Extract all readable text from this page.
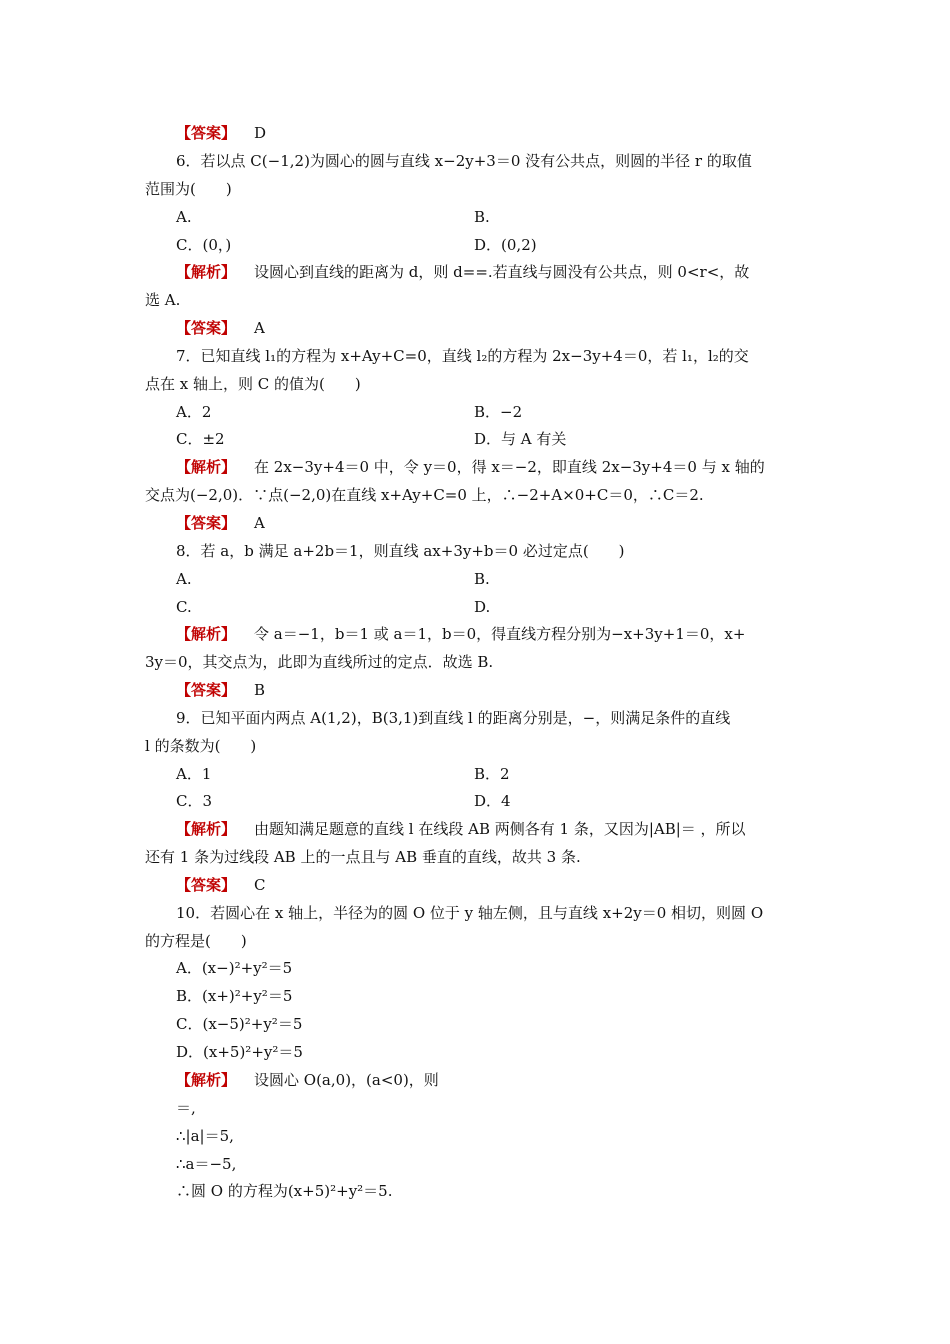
【答案】 D
6．若以点 C(−1,2)为圆心的圆与直线 x−2y+3＝0 没有公共点，则圆的半径 r 的取值
范围为(　　)
A.	B.
C．(0，)	D．(0,2)
【解析】 设圆心到直线的距离为 d，则 d==.若直线与圆没有公共点，则 0<r<，故
选 A.
【答案】 A
7．已知直线 l₁的方程为 x+Ay+C=0，直线 l₂的方程为 2x−3y+4＝0，若 l₁，l₂的交
点在 x 轴上，则 C 的值为(　　)
A．2	B．−2
C．±2	D．与 A 有关
【解析】 在 2x−3y+4＝0 中，令 y＝0，得 x＝−2，即直线 2x−3y+4＝0 与 x 轴的
交点为(−2,0)．∵点(−2,0)在直线 x+Ay+C=0 上，∴−2+A×0+C＝0，∴C＝2.
【答案】 A
8．若 a，b 满足 a+2b＝1，则直线 ax+3y+b＝0 必过定点(　　)
A.	B.
C.	D.
【解析】 令 a＝−1，b＝1 或 a＝1，b＝0，得直线方程分别为−x+3y+1＝0，x+
3y＝0，其交点为，此即为直线所过的定点．故选 B.
【答案】 B
9．已知平面内两点 A(1,2)，B(3,1)到直线 l 的距离分别是，−，则满足条件的直线
l 的条数为(　　)
A．1	B．2
C．3	D．4
【解析】 由题知满足题意的直线 l 在线段 AB 两侧各有 1 条，又因为|AB|＝ ，所以
还有 1 条为过线段 AB 上的一点且与 AB 垂直的直线，故共 3 条.
【答案】 C
10．若圆心在 x 轴上，半径为的圆 O 位于 y 轴左侧，且与直线 x+2y＝0 相切，则圆 O
的方程是(　　)
A．(x−)²+y²＝5
B．(x+)²+y²＝5
C．(x−5)²+y²＝5
D．(x+5)²+y²＝5
【解析】 设圆心 O(a,0)，(a<0)，则
＝,
∴|a|＝5,
∴a＝−5,
∴圆 O 的方程为(x+5)²+y²＝5.
